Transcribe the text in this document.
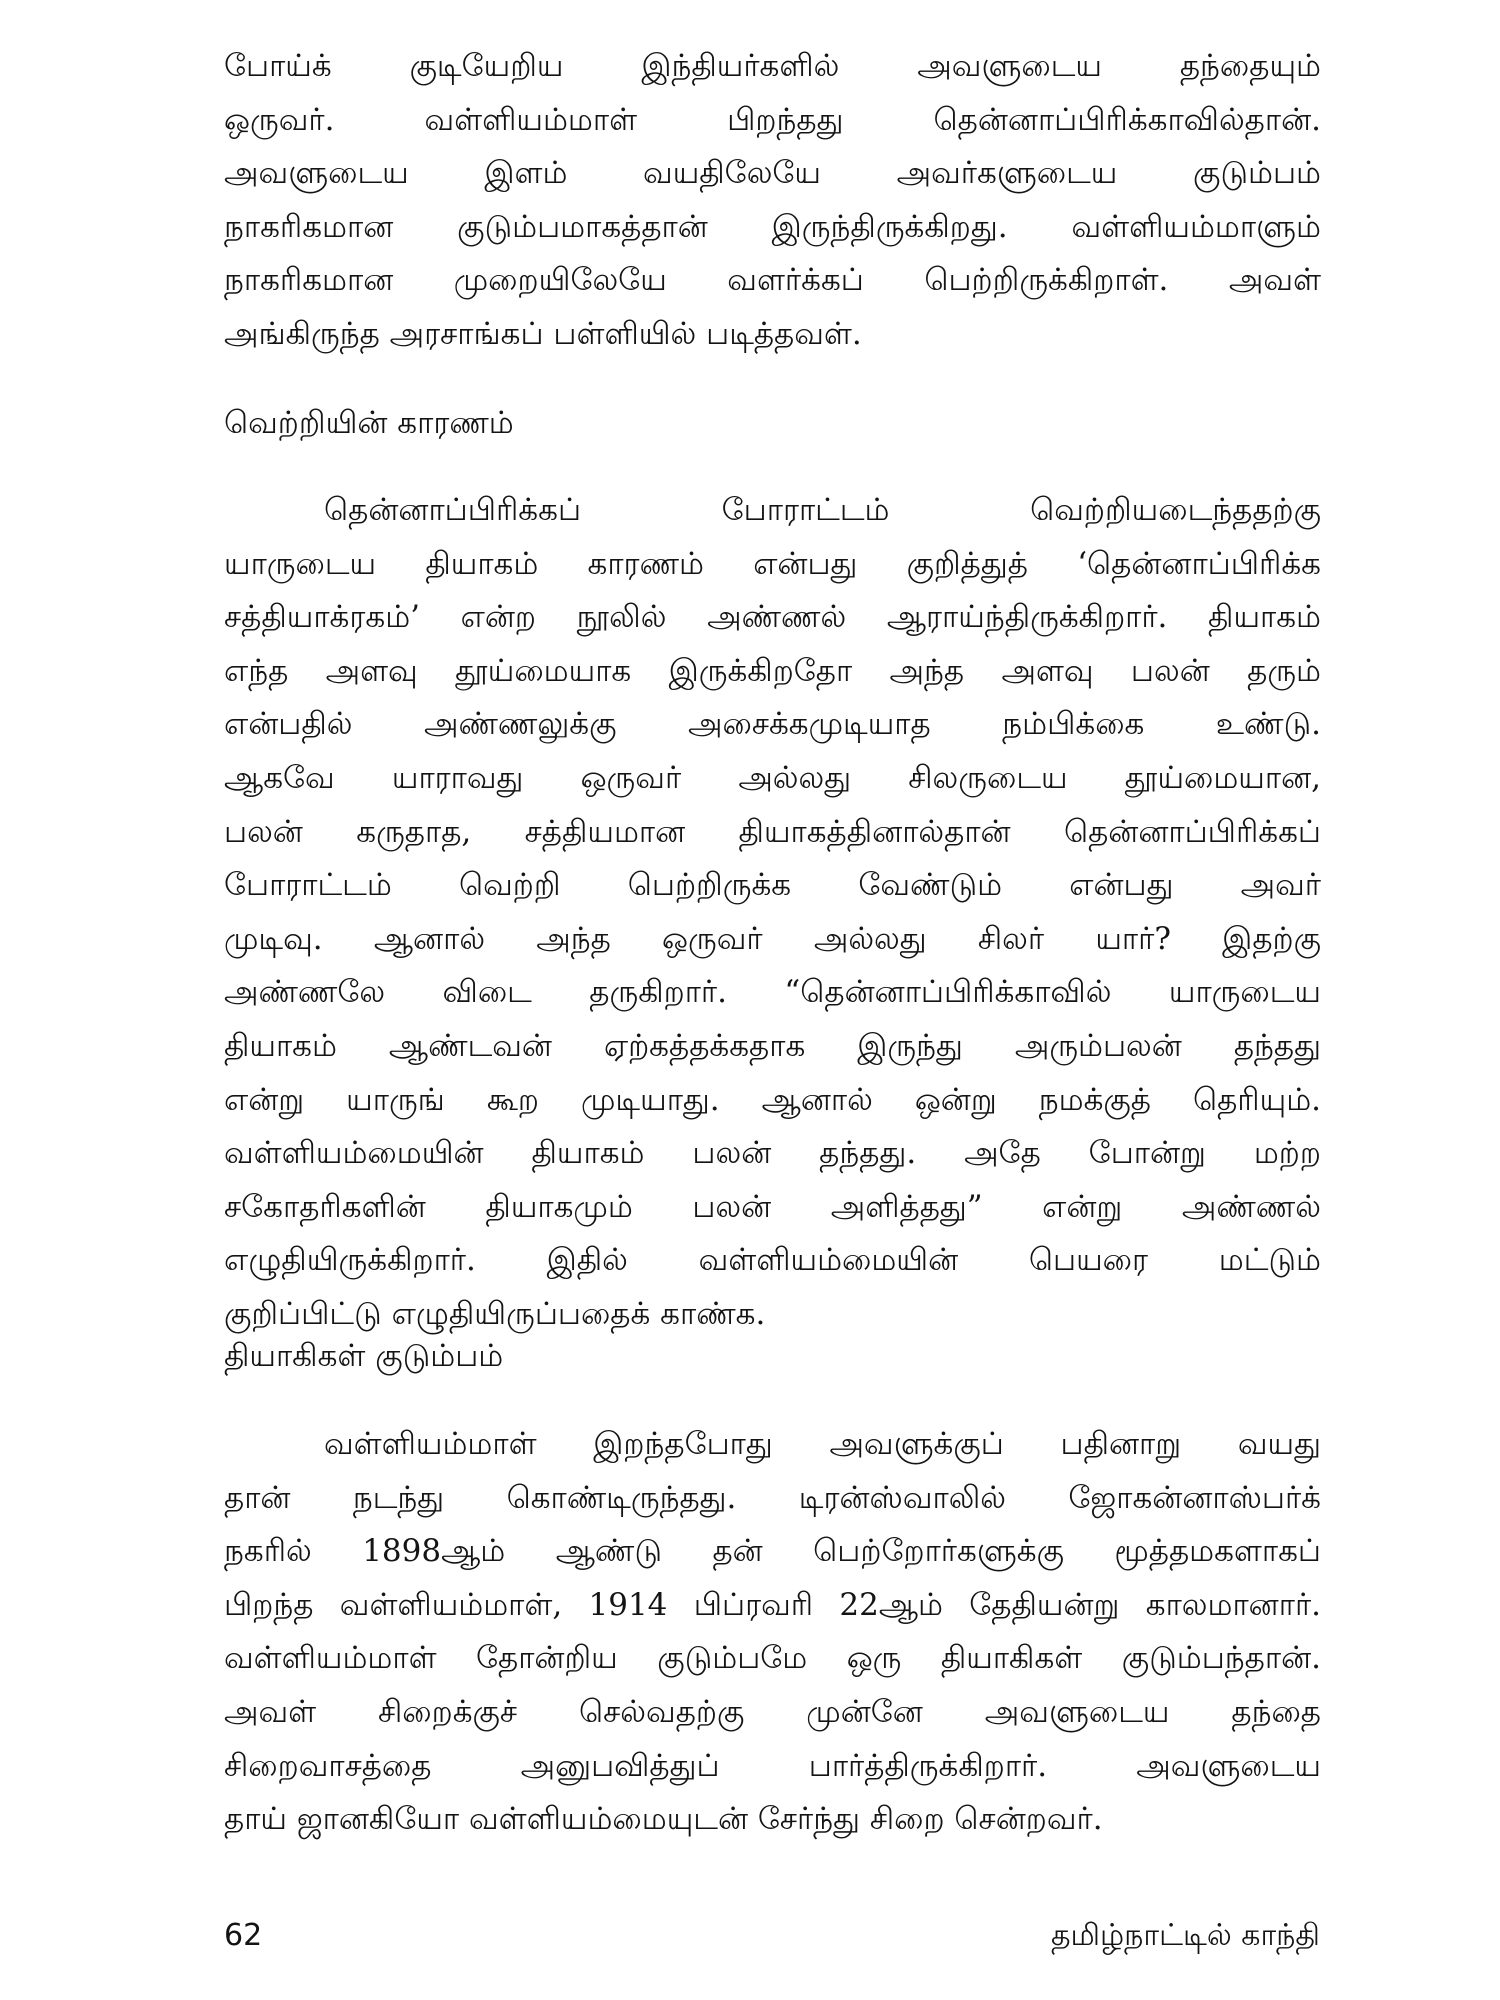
போய்க் குடியேறிய இந்தியர்களில் அவளுடைய தந்தையும்
ஒருவர். வள்ளியம்மாள் பிறந்தது தென்னாப்பிரிக்காவில்தான்.
அவளுடைய இளம் வயதிலேயே அவர்களுடைய குடும்பம்
நாகரிகமான குடும்பமாகத்தான் இருந்திருக்கிறது. வள்ளியம்மாளும்
நாகரிகமான முறையிலேயே வளர்க்கப் பெற்றிருக்கிறாள். அவள்
அங்கிருந்த அரசாங்கப் பள்ளியில் படித்தவள்.
வெற்றியின் காரணம்
தென்னாப்பிரிக்கப் போராட்டம் வெற்றியடைந்ததற்கு
யாருடைய தியாகம் காரணம் என்பது குறித்துத் ‘தென்னாப்பிரிக்க
சத்தியாக்ரகம்’ என்ற நூலில் அண்ணல் ஆராய்ந்திருக்கிறார். தியாகம்
எந்த அளவு தூய்மையாக இருக்கிறதோ அந்த அளவு பலன் தரும்
என்பதில் அண்ணலுக்கு அசைக்கமுடியாத நம்பிக்கை உண்டு.
ஆகவே யாராவது ஒருவர் அல்லது சிலருடைய தூய்மையான,
பலன் கருதாத, சத்தியமான தியாகத்தினால்தான் தென்னாப்பிரிக்கப்
போராட்டம் வெற்றி பெற்றிருக்க வேண்டும் என்பது அவர்
முடிவு. ஆனால் அந்த ஒருவர் அல்லது சிலர் யார்? இதற்கு
அண்ணலே விடை தருகிறார். “தென்னாப்பிரிக்காவில் யாருடைய
தியாகம் ஆண்டவன் ஏற்கத்தக்கதாக இருந்து அரும்பலன் தந்தது
என்று யாருங் கூற முடியாது. ஆனால் ஒன்று நமக்குத் தெரியும்.
வள்ளியம்மையின் தியாகம் பலன் தந்தது. அதே போன்று மற்ற
சகோதரிகளின் தியாகமும் பலன் அளித்தது” என்று அண்ணல்
எழுதியிருக்கிறார். இதில் வள்ளியம்மையின் பெயரை மட்டும்
குறிப்பிட்டு எழுதியிருப்பதைக் காண்க.
தியாகிகள் குடும்பம்
வள்ளியம்மாள் இறந்தபோது அவளுக்குப் பதினாறு வயது
தான் நடந்து கொண்டிருந்தது. டிரன்ஸ்வாலில் ஜோகன்னாஸ்பர்க்
நகரில் 1898ஆம் ஆண்டு தன் பெற்றோர்களுக்கு மூத்தமகளாகப்
பிறந்த வள்ளியம்மாள், 1914 பிப்ரவரி 22ஆம் தேதியன்று காலமானார்.
வள்ளியம்மாள் தோன்றிய குடும்பமே ஒரு தியாகிகள் குடும்பந்தான்.
அவள் சிறைக்குச் செல்வதற்கு முன்னே அவளுடைய தந்தை
சிறைவாசத்தை அனுபவித்துப் பார்த்திருக்கிறார். அவளுடைய
தாய் ஜானகியோ வள்ளியம்மையுடன் சேர்ந்து சிறை சென்றவர்.
62	தமிழ்நாட்டில் காந்தி
